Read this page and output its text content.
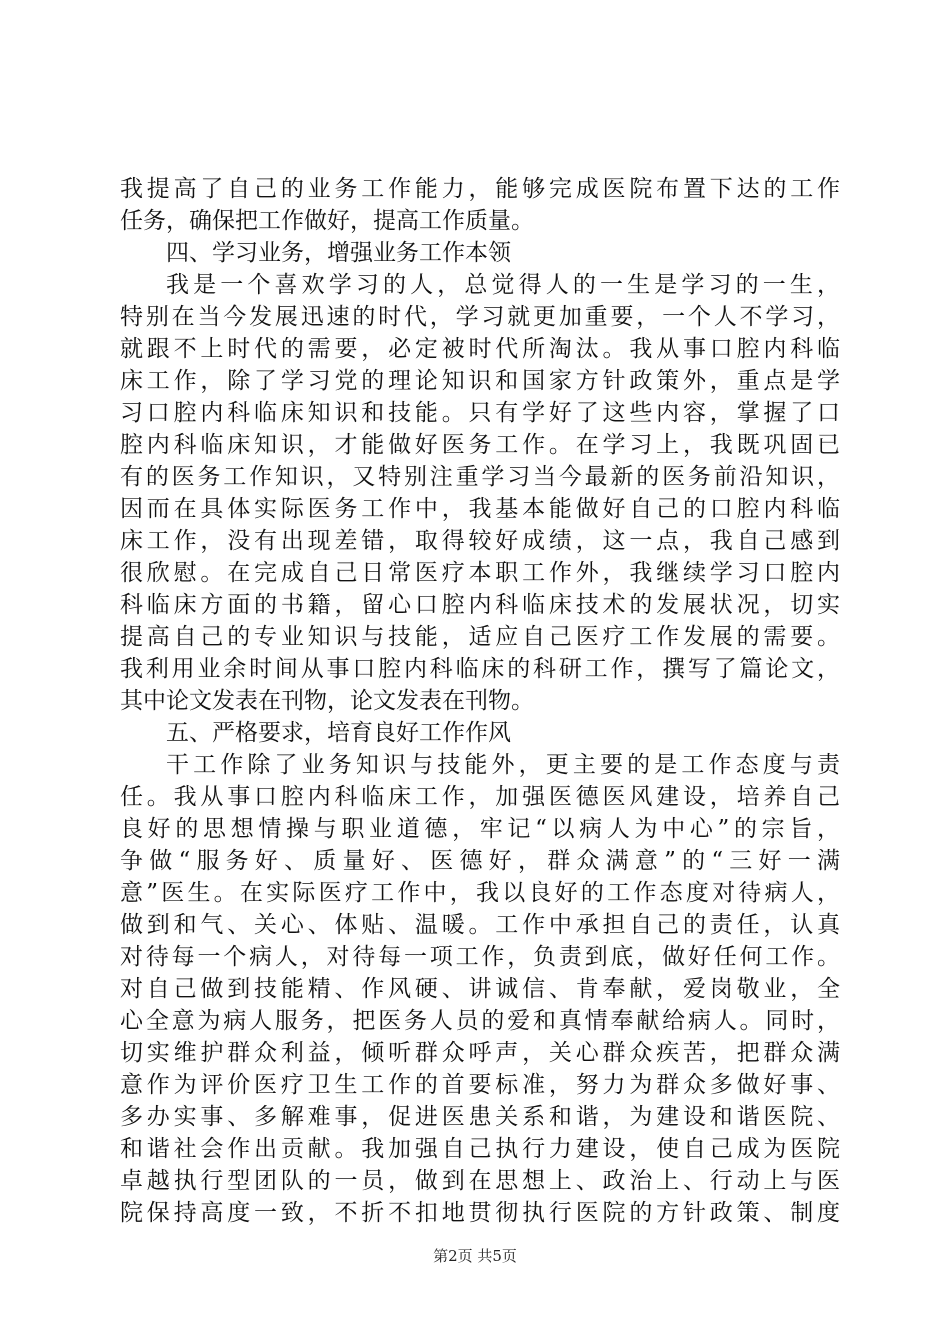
我提高了自己的业务工作能力，能够完成医院布置下达的工作
任务，确保把工作做好，提高工作质量。
四、学习业务，增强业务工作本领
我是一个喜欢学习的人，总觉得人的一生是学习的一生，
特别在当今发展迅速的时代，学习就更加重要，一个人不学习，
就跟不上时代的需要，必定被时代所淘汰。我从事口腔内科临
床工作，除了学习党的理论知识和国家方针政策外，重点是学
习口腔内科临床知识和技能。只有学好了这些内容，掌握了口
腔内科临床知识，才能做好医务工作。在学习上，我既巩固已
有的医务工作知识，又特别注重学习当今最新的医务前沿知识，
因而在具体实际医务工作中，我基本能做好自己的口腔内科临
床工作，没有出现差错，取得较好成绩，这一点，我自己感到
很欣慰。在完成自己日常医疗本职工作外，我继续学习口腔内
科临床方面的书籍，留心口腔内科临床技术的发展状况，切实
提高自己的专业知识与技能，适应自己医疗工作发展的需要。
我利用业余时间从事口腔内科临床的科研工作，撰写了篇论文，
其中论文发表在刊物，论文发表在刊物。
五、严格要求，培育良好工作作风
干工作除了业务知识与技能外，更主要的是工作态度与责
任。我从事口腔内科临床工作，加强医德医风建设，培养自己
良好的思想情操与职业道德，牢记“以病人为中心”的宗旨，
争做“服务好、质量好、医德好，群众满意”的“三好一满
意”医生。在实际医疗工作中，我以良好的工作态度对待病人，
做到和气、关心、体贴、温暖。工作中承担自己的责任，认真
对待每一个病人，对待每一项工作，负责到底，做好任何工作。
对自己做到技能精、作风硬、讲诚信、肯奉献，爱岗敬业，全
心全意为病人服务，把医务人员的爱和真情奉献给病人。同时，
切实维护群众利益，倾听群众呼声，关心群众疾苦，把群众满
意作为评价医疗卫生工作的首要标准，努力为群众多做好事、
多办实事、多解难事，促进医患关系和谐，为建设和谐医院、
和谐社会作出贡献。我加强自己执行力建设，使自己成为医院
卓越执行型团队的一员，做到在思想上、政治上、行动上与医
院保持高度一致，不折不扣地贯彻执行医院的方针政策、制度
第2页 共5页
